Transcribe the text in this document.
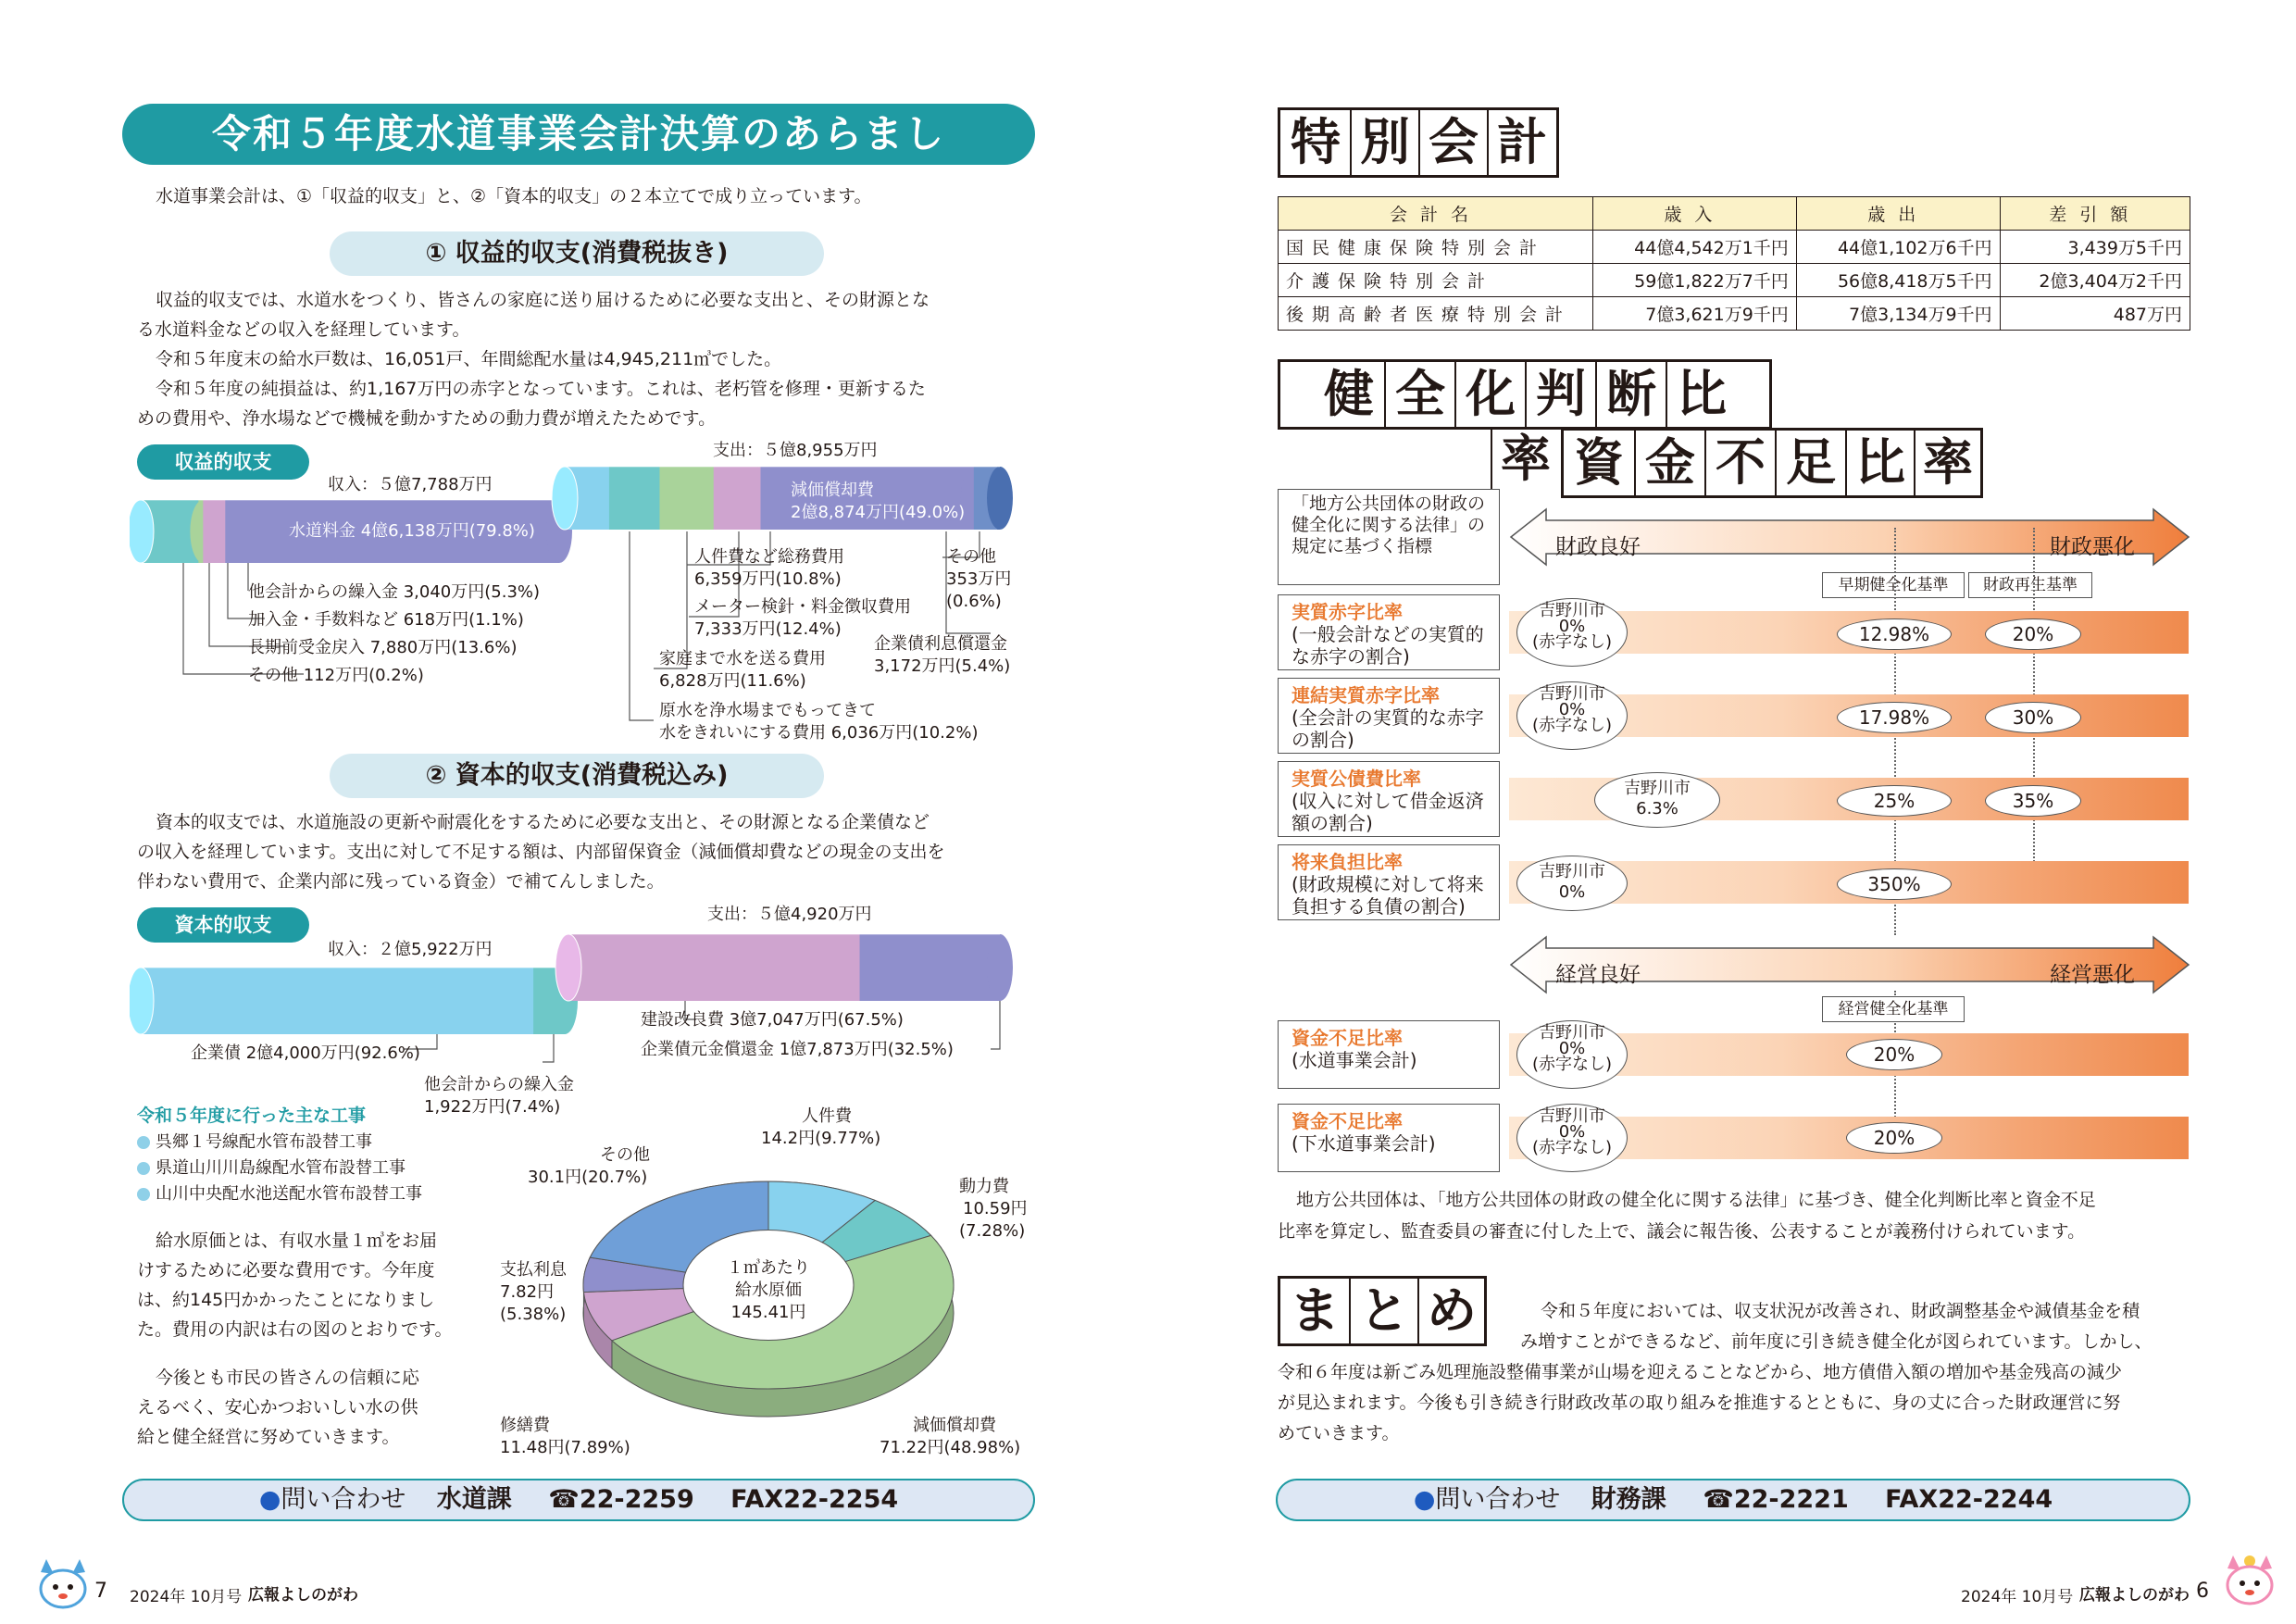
令和５年度水道事業会計決算のあらまし
水道事業会計は、①「収益的収支」と、②「資本的収支」の２本立てで成り立っています。
① 収益的収支(消費税抜き)
収益的収支では、水道水をつくり、皆さんの家庭に送り届けるために必要な支出と、その財源とな
る水道料金などの収入を経理しています。
令和５年度末の給水戸数は、16,051戸、年間総配水量は4,945,211㎥でした。
令和５年度の純損益は、約1,167万円の赤字となっています。これは、老朽管を修理・更新するた
めの費用や、浄水場などで機械を動かすための動力費が増えたためです。
収益的収支
収入：５億7,788万円
支出：５億8,955万円
水道料金 4億6,138万円(79.8%)
他会計からの繰入金 3,040万円(5.3%)
加入金・手数料など 618万円(1.1%)
長期前受金戻入 7,880万円(13.6%)
その他 112万円(0.2%)
減価償却費
2億8,874万円(49.0%)
人件費など総務費用
6,359万円(10.8%)
メーター検針・料金徴収費用
7,333万円(12.4%)
家庭まで水を送る費用
6,828万円(11.6%)
原水を浄水場までもってきて
水をきれいにする費用 6,036万円(10.2%)
企業債利息償還金
3,172万円(5.4%)
その他
353万円
(0.6%)
② 資本的収支(消費税込み)
資本的収支では、水道施設の更新や耐震化をするために必要な支出と、その財源となる企業債など
の収入を経理しています。支出に対して不足する額は、内部留保資金（減価償却費などの現金の支出を
伴わない費用で、企業内部に残っている資金）で補てんしました。
資本的収支
収入：２億5,922万円
支出：５億4,920万円
企業債 2億4,000万円(92.6%)
他会計からの繰入金
1,922万円(7.4%)
建設改良費 3億7,047万円(67.5%)
企業債元金償還金 1億7,873万円(32.5%)
令和５年度に行った主な工事
呉郷１号線配水管布設替工事
県道山川川島線配水管布設替工事
山川中央配水池送配水管布設替工事
給水原価とは、有収水量１㎥をお届
けするために必要な費用です。今年度
は、約145円かかったことになりまし
た。費用の内訳は右の図のとおりです。
今後とも市民の皆さんの信頼に応
えるべく、安心かつおいしい水の供
給と健全経営に努めていきます。
１㎥あたり
給水原価
145.41円
人件費
14.2円(9.77%)
動力費
10.59円
(7.28%)
減価償却費
71.22円(48.98%)
修繕費
11.48円(7.89%)
支払利息
7.82円
(5.38%)
その他
30.1円(20.7%)
●問い合わせ 水道課 ☎22-2259 FAX22-2254
7 2024年 10月号 広報よしのがわ
特 別 会 計
会計名	歳入	歳出	差引額
国民健康保険特別会計	44億4,542万1千円	44億1,102万6千円	3,439万5千円
介護保険特別会計	59億1,822万7千円	56億8,418万5千円	2億3,404万2千円
後期高齢者医療特別会計	7億3,621万9千円	7億3,134万9千円	487万円
健 全 化 判 断 比率 資 金 不 足 比 率
「地方公共団体の財政の健全化に関する法律」の規定に基づく指標	財政良好	財政悪化
早期健全化基準	財政再生基準
実質赤字比率
(一般会計などの実質的な赤字の割合)
吉野川市
0%
(赤字なし)	12.98%	20%
連結実質赤字比率
(全会計の実質的な赤字の割合)
吉野川市
0%
(赤字なし)	17.98%	30%
実質公債費比率
(収入に対して借金返済額の割合)
吉野川市
6.3%	25%	35%
将来負担比率
(財政規模に対して将来負担する負債の割合)
吉野川市
0%	350%
経営良好	経営悪化
経営健全化基準
資金不足比率
(水道事業会計)
吉野川市
0%
(赤字なし)	20%
資金不足比率
(下水道事業会計)
吉野川市
0%
(赤字なし)	20%
地方公共団体は、「地方公共団体の財政の健全化に関する法律」に基づき、健全化判断比率と資金不足
比率を算定し、監査委員の審査に付した上で、議会に報告後、公表することが義務付けられています。
ま と め	令和５年度においては、収支状況が改善され、財政調整基金や減債基金を積
み増すことができるなど、前年度に引き続き健全化が図られています。しかし、
令和６年度は新ごみ処理施設整備事業が山場を迎えることなどから、地方債借入額の増加や基金残高の減少
が見込まれます。今後も引き続き行財政改革の取り組みを推進するとともに、身の丈に合った財政運営に努
めていきます。
●問い合わせ 財務課 ☎22-2221 FAX22-2244
2024年 10月号 広報よしのがわ 6
